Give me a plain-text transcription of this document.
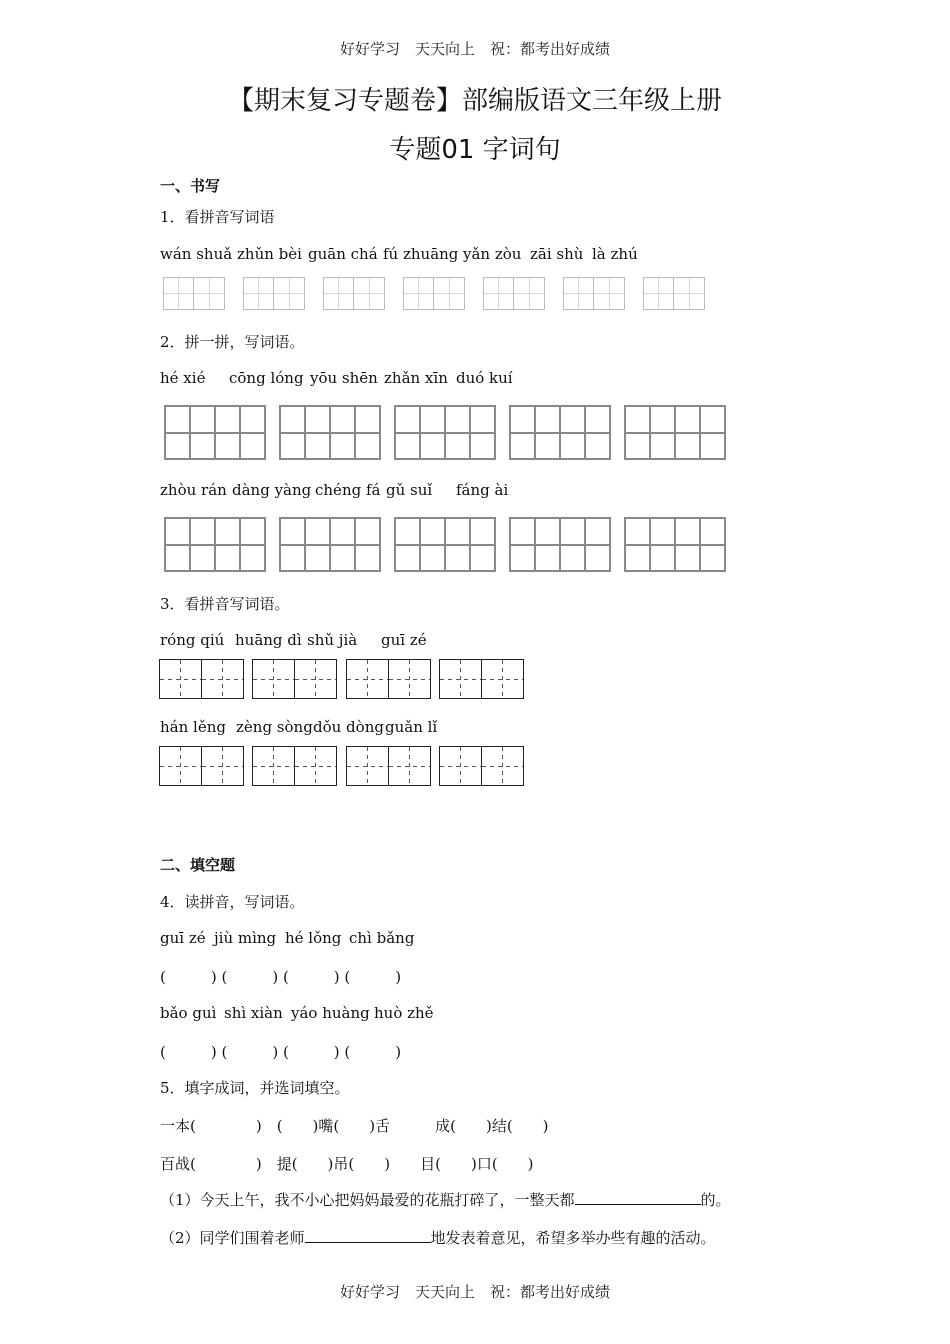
好好学习　天天向上　祝：都考出好成绩
【期末复习专题卷】部编版语文三年级上册
专题01 字词句
一、书写
1．看拼音写词语
wán shuǎ zhǔn bèi guān chá fú zhuāng yǎn zòu zāi shù là zhú
2．拼一拼，写词语。
hé xié cōng lóng yōu shēn zhǎn xīn duó kuí
zhòu rán dàng yàng chéng fá gǔ suǐ fáng ài
3．看拼音写词语。
róng qiú huāng dì shǔ jià guī zé
hán lěng zèng sòng dǒu dòng guǎn lǐ
二、填空题
4．读拼音，写词语。
guī zé jiù mìng hé lǒng chì bǎng
(　　　) (　　　) (　　　) (　　　)
bǎo guì shì xiàn yáo huàng huò zhě
(　　　) (　　　) (　　　) (　　　)
5．填字成词，并选词填空。
一本(　　　　)　(　　)嘴(　　)舌　　　成(　　)结(　　)
百战(　　　　)　提(　　)吊(　　)　　目(　　)口(　　)
（1）今天上午，我不小心把妈妈最爱的花瓶打碎了，一整天都	的。
（2）同学们围着老师	地发表着意见，希望多举办些有趣的活动。
好好学习　天天向上　祝：都考出好成绩
